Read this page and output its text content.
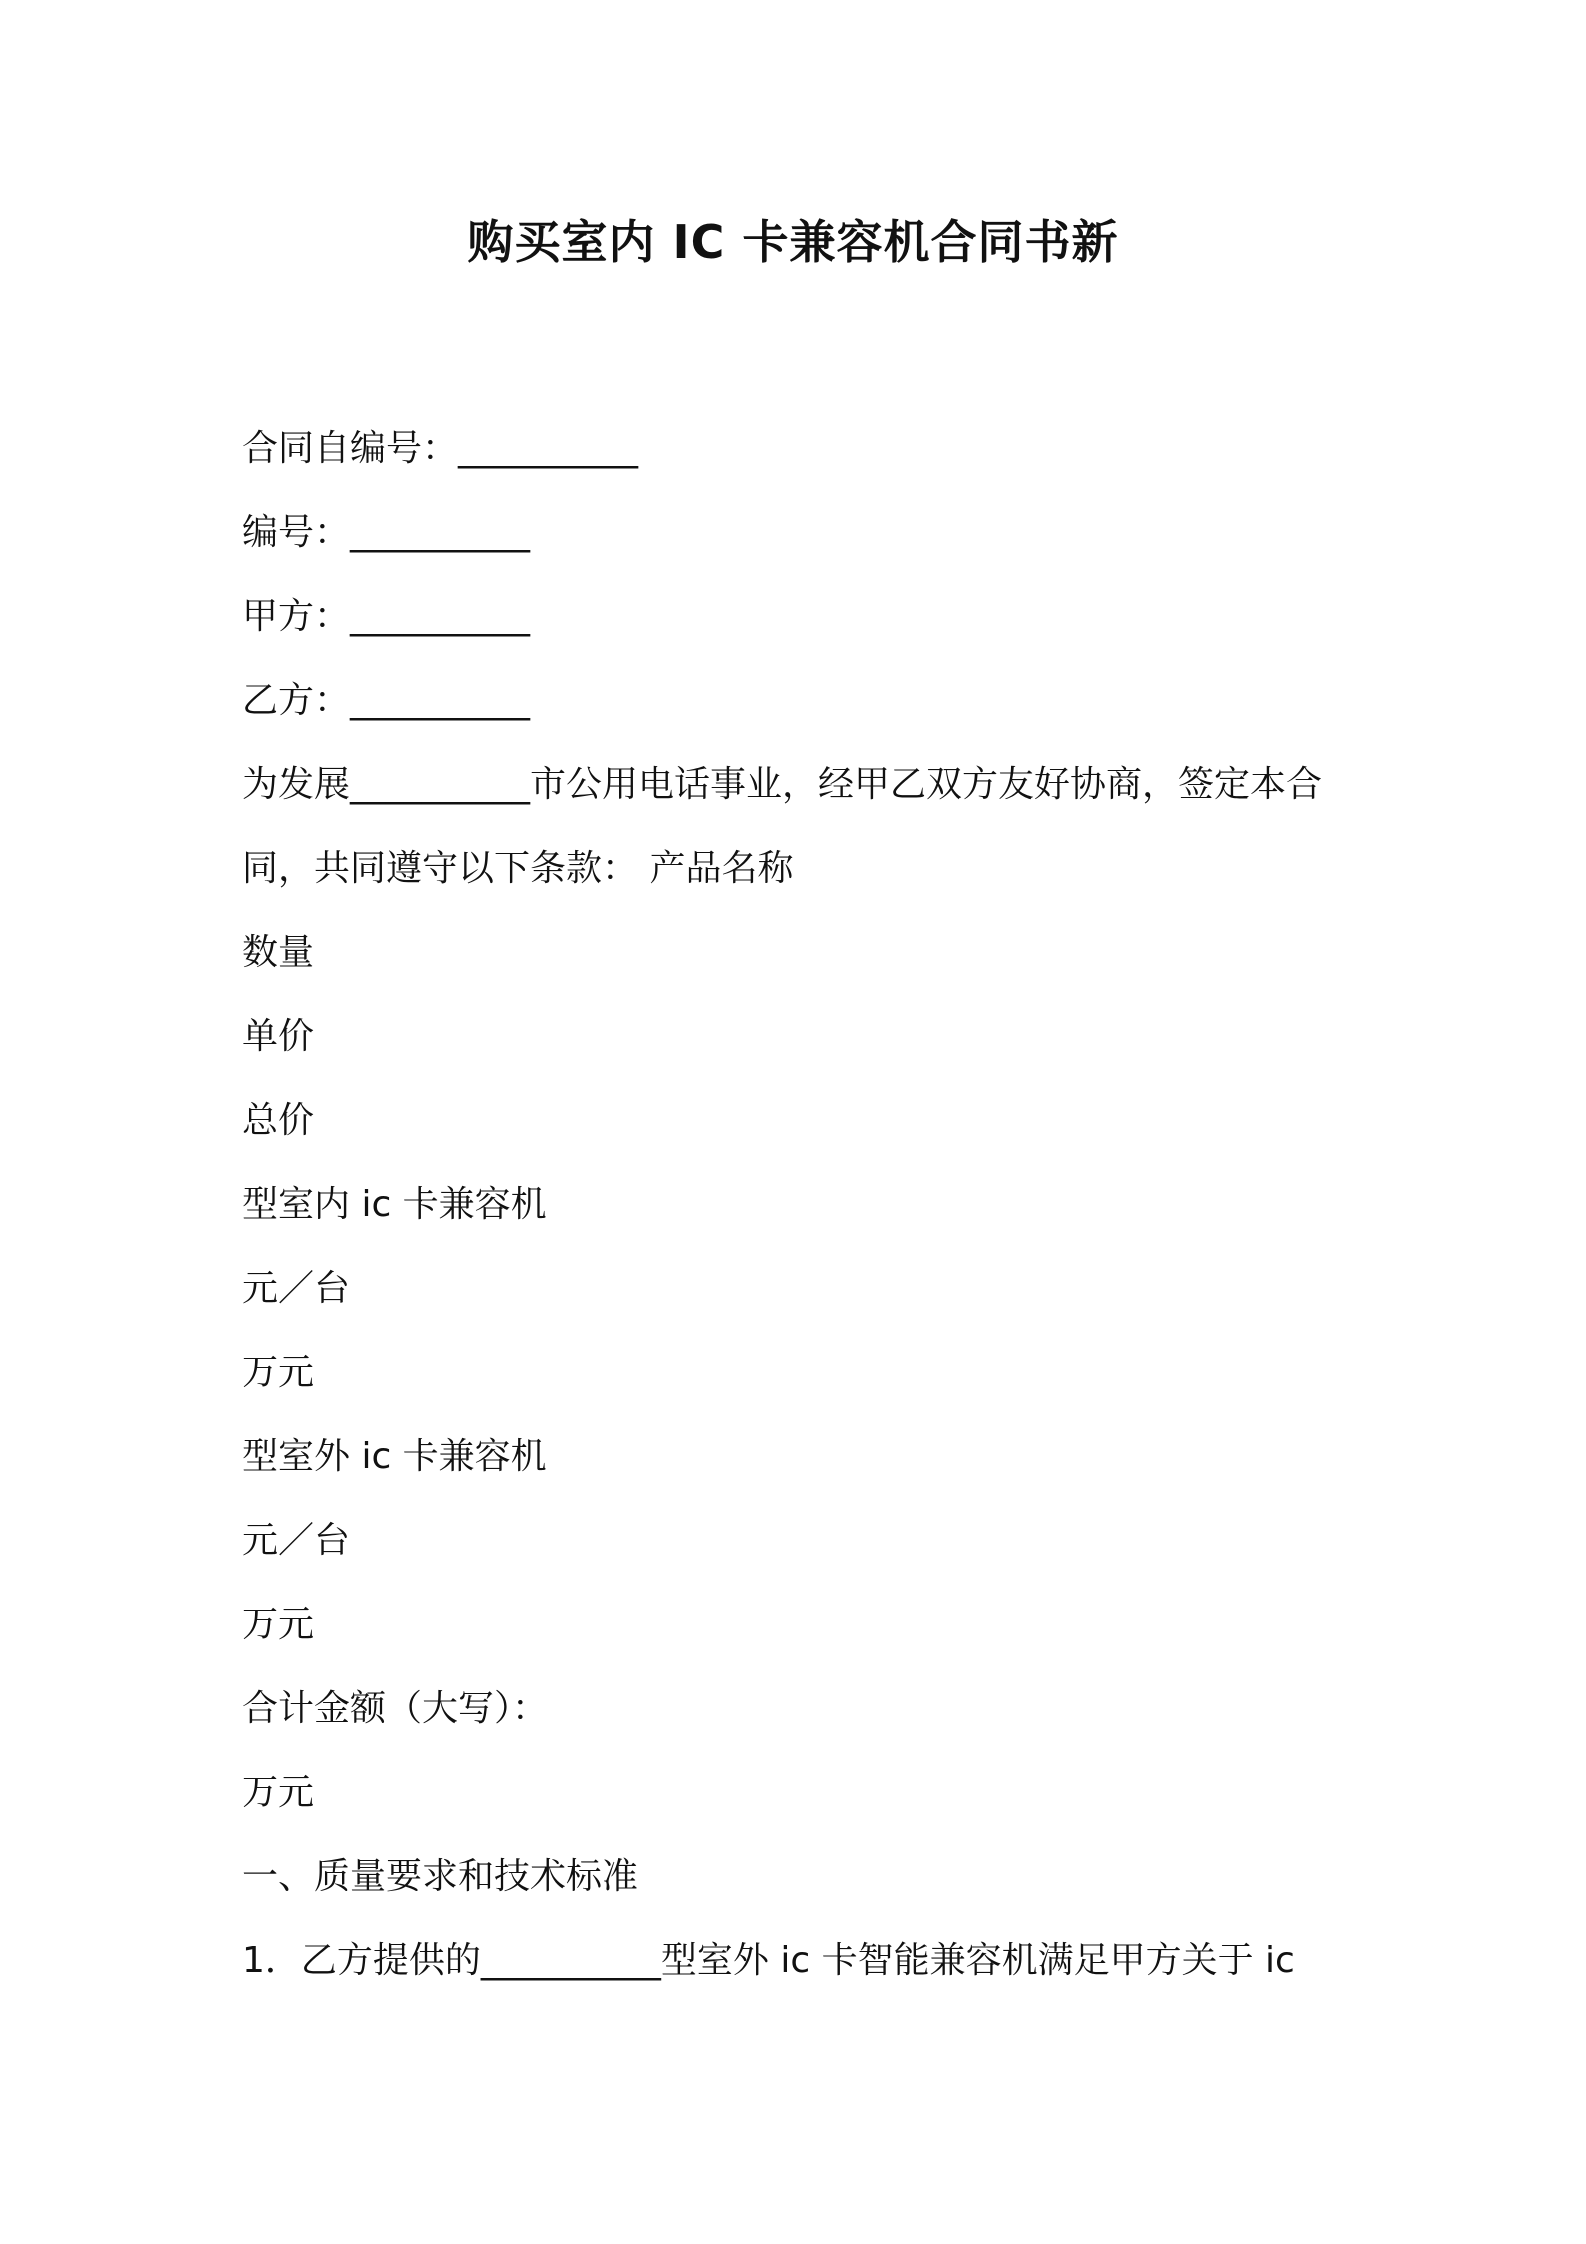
购买室内 IC 卡兼容机合同书新
合同自编号：__________
编号：__________
甲方：__________
乙方：__________
为发展__________市公用电话事业，经甲乙双方友好协商，签定本合
同，共同遵守以下条款： 产品名称
数量
单价
总价
型室内 ic 卡兼容机
元／台
万元
型室外 ic 卡兼容机
元／台
万元
合计金额（大写）：
万元
一、质量要求和技术标准
1．乙方提供的__________型室外 ic 卡智能兼容机满足甲方关于 ic
